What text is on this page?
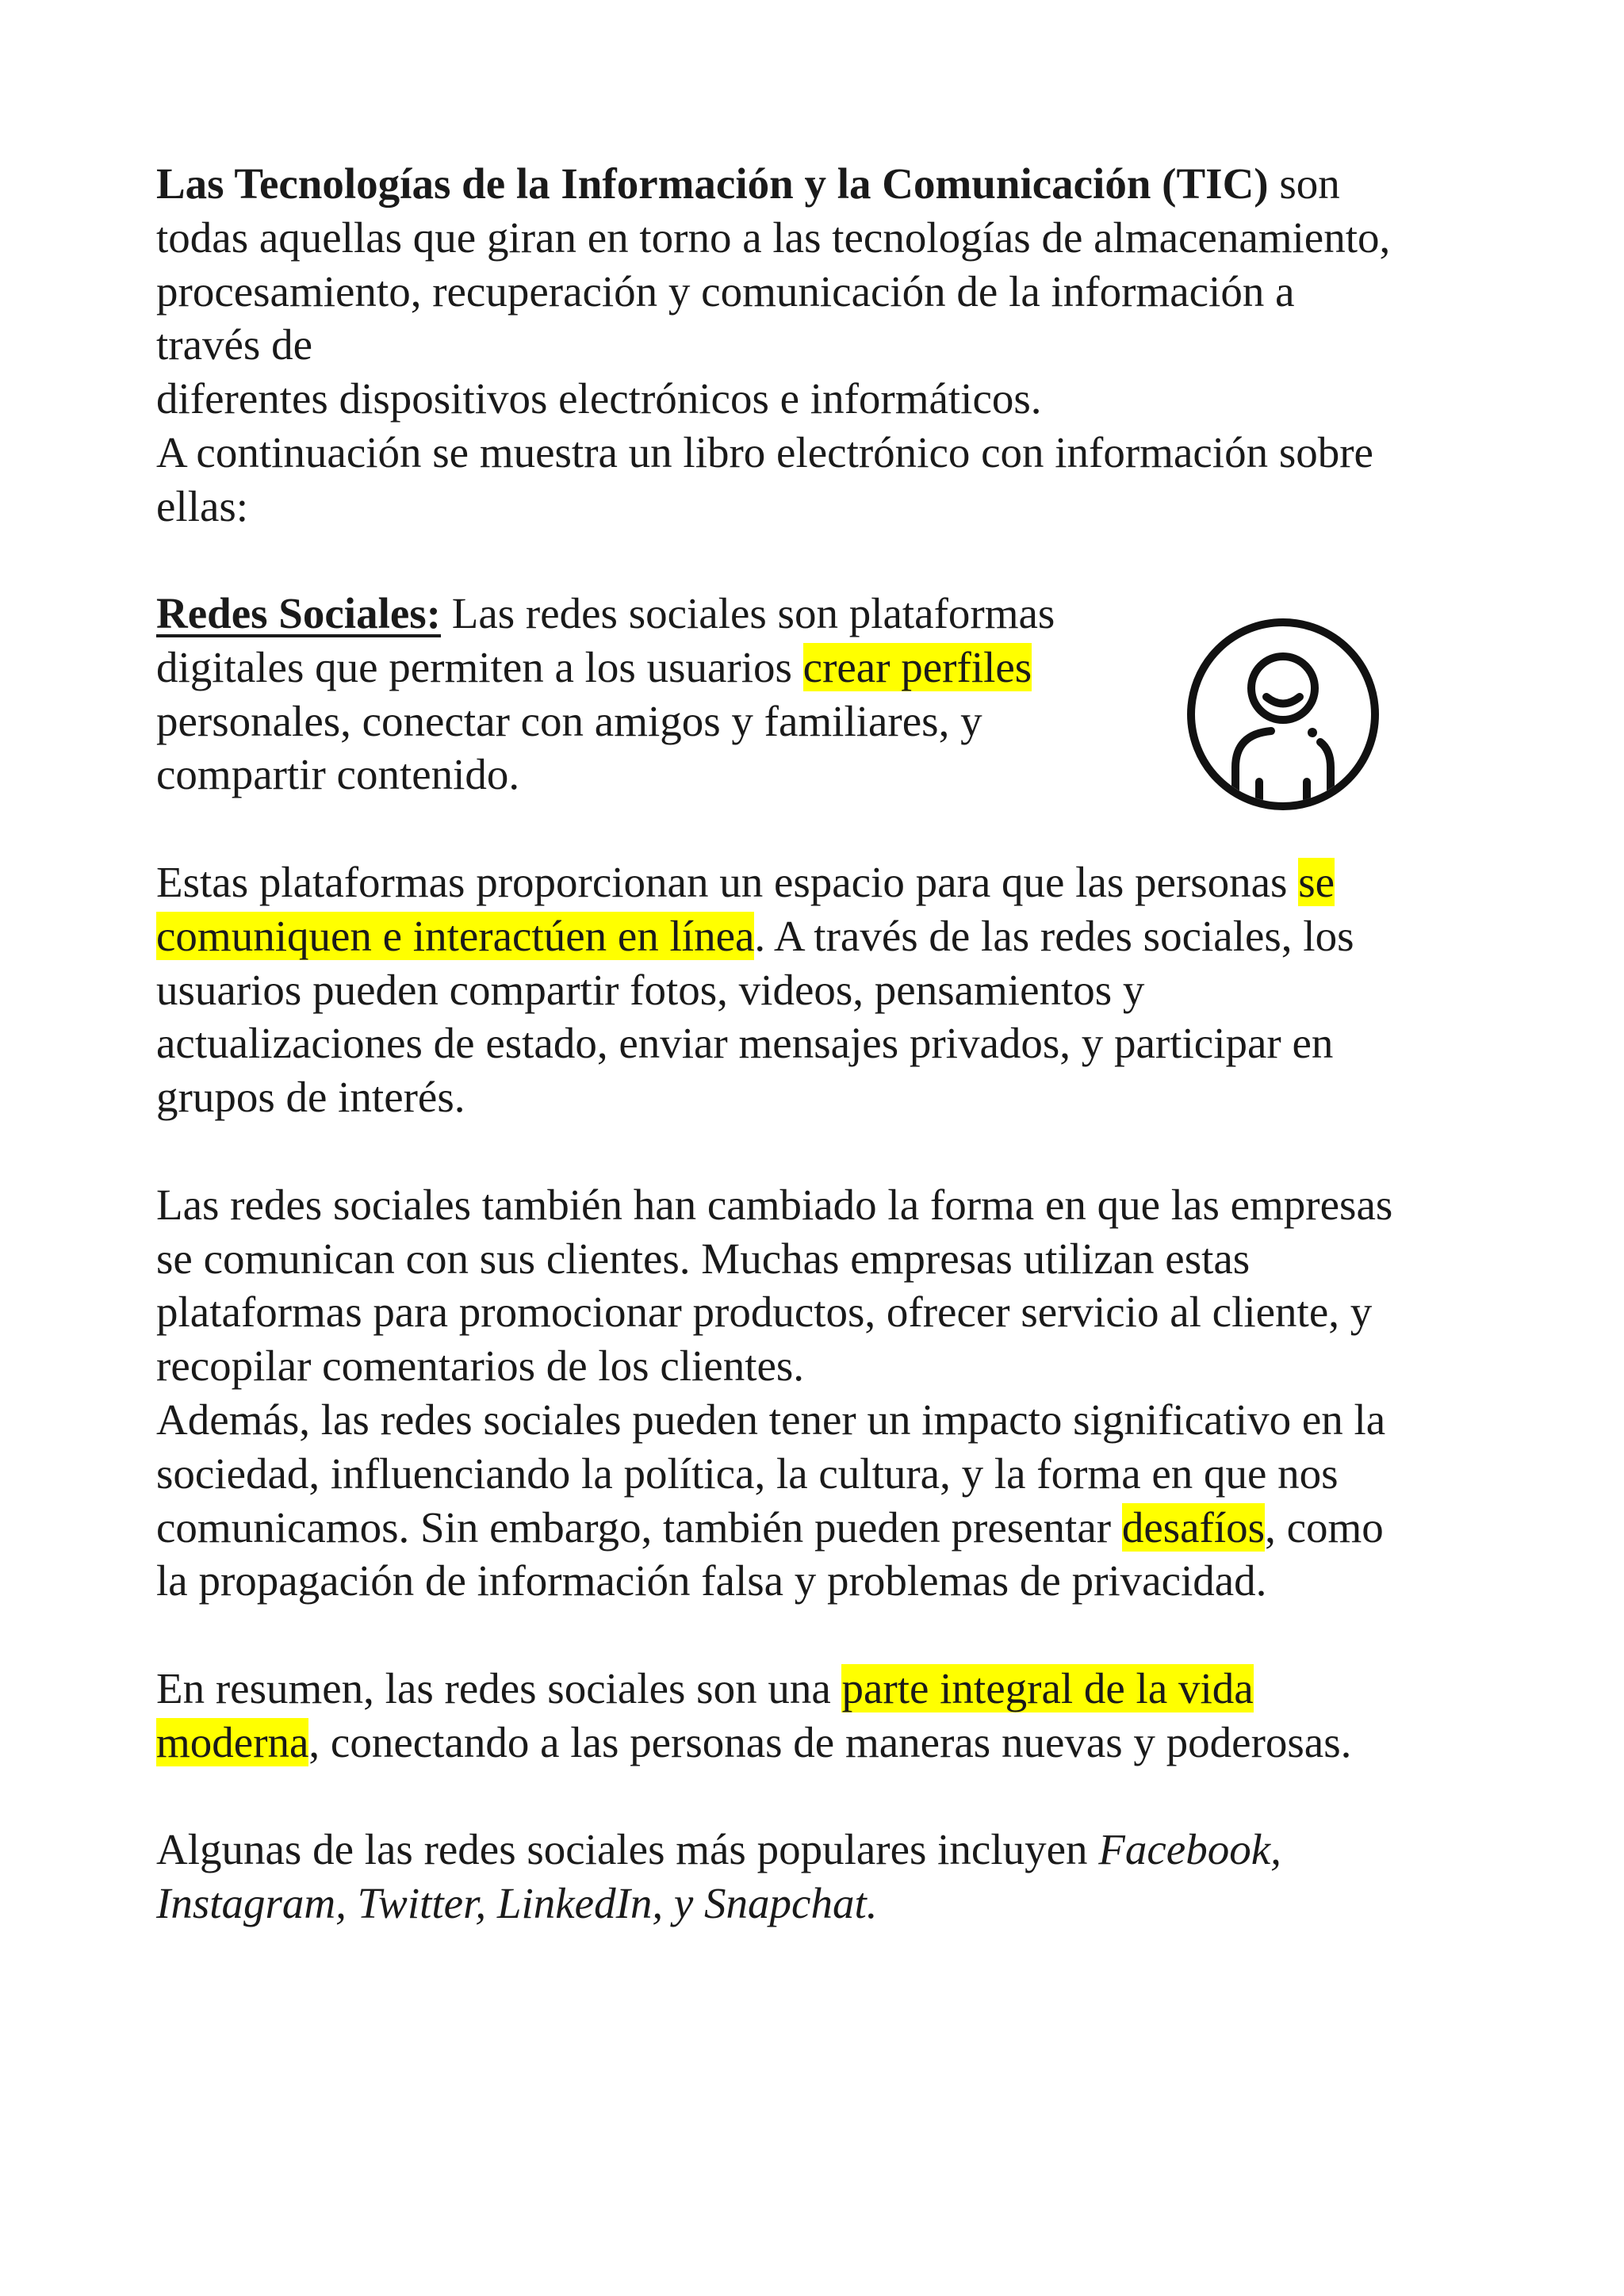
Las Tecnologías de la Información y la Comunicación (TIC) son
todas aquellas que giran en torno a las tecnologías de almacenamiento,
procesamiento, recuperación y comunicación de la información a
través de
diferentes dispositivos electrónicos e informáticos.
A continuación se muestra un libro electrónico con información sobre
ellas:
Redes Sociales: Las redes sociales son plataformas
digitales que permiten a los usuarios crear perfiles
personales, conectar con amigos y familiares, y
compartir contenido.
Estas plataformas proporcionan un espacio para que las personas se
comuniquen e interactúen en línea. A través de las redes sociales, los
usuarios pueden compartir fotos, videos, pensamientos y
actualizaciones de estado, enviar mensajes privados, y participar en
grupos de interés.
Las redes sociales también han cambiado la forma en que las empresas
se comunican con sus clientes. Muchas empresas utilizan estas
plataformas para promocionar productos, ofrecer servicio al cliente, y
recopilar comentarios de los clientes.
Además, las redes sociales pueden tener un impacto significativo en la
sociedad, influenciando la política, la cultura, y la forma en que nos
comunicamos. Sin embargo, también pueden presentar desafíos, como
la propagación de información falsa y problemas de privacidad.
En resumen, las redes sociales son una parte integral de la vida
moderna, conectando a las personas de maneras nuevas y poderosas.
Algunas de las redes sociales más populares incluyen Facebook,
Instagram, Twitter, LinkedIn, y Snapchat.
